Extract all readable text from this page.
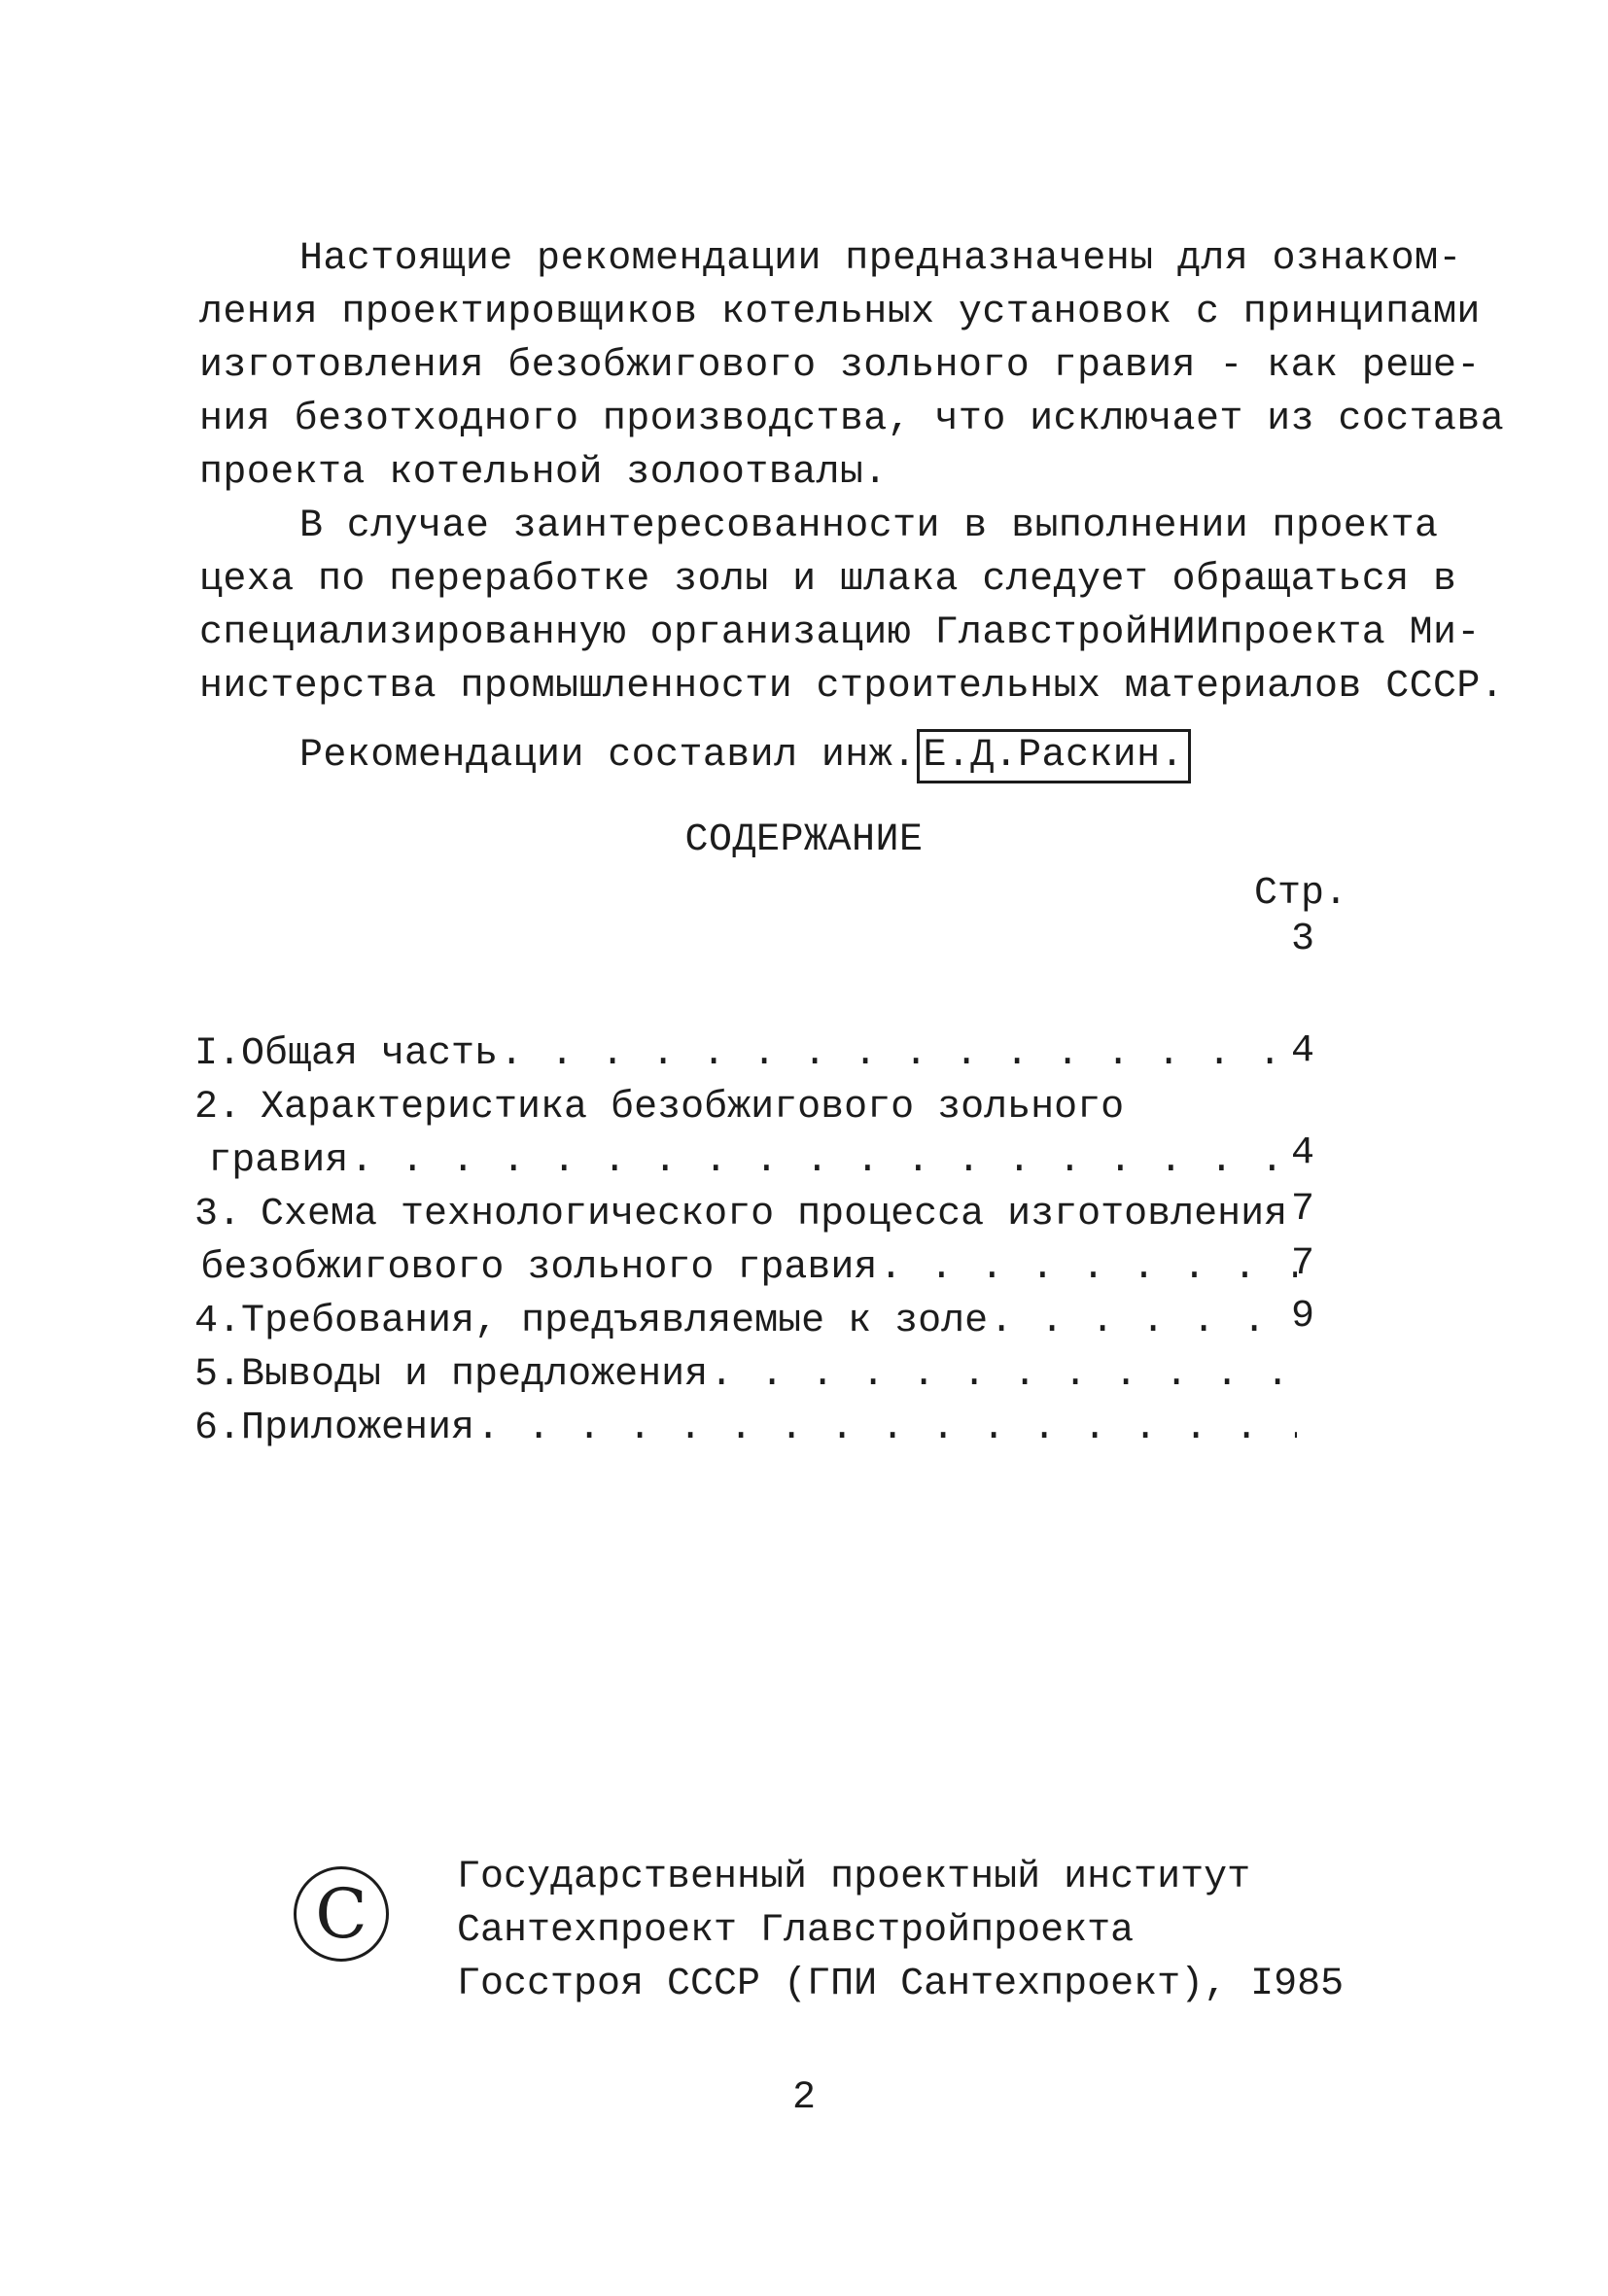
Настоящие рекомендации предназначены для ознаком-
ления проектировщиков котельных установок с принципами
изготовления безобжигового зольного гравия - как реше-
ния безотходного производства, что исключает из состава
проекта котельной золоотвалы.
В случае заинтересованности в выполнении проекта
цеха по переработке золы и шлака следует обращаться в
специализированную организацию ГлавстройНИИпроекта Ми-
нистерства промышленности строительных материалов СССР.
Рекомендации составил инж. Е.Д.Раскин.
СОДЕРЖАНИЕ
Стр.

I. Общая часть
. . .

3

2. Характеристика безобжигового зольного

гравия
. . .

4

3. Схема технологического процесса изготовления

безобжигового зольного гравия
. . .

4

4. Требования, предъявляемые к золе
. . .

7

5. Выводы и предложения
. . .

7

6. Приложения
. . .

9
C	Государственный проектный институт
Сантехпроект Главстройпроекта
Госстроя СССР (ГПИ Сантехпроект), I985
2
